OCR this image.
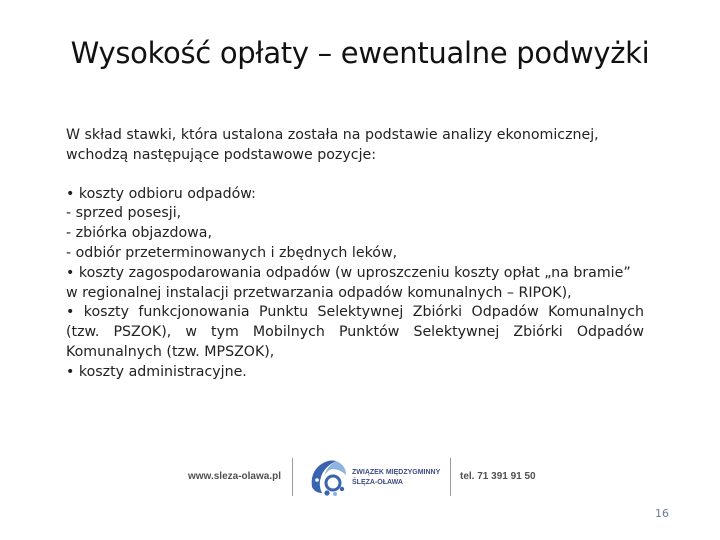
Wysokość opłaty – ewentualne podwyżki
W skład stawki, która ustalona została na podstawie analizy ekonomicznej,
wchodzą następujące podstawowe pozycje:
• koszty odbioru odpadów:
- sprzed posesji,
- zbiórka objazdowa,
- odbiór przeterminowanych i zbędnych leków,
• koszty zagospodarowania odpadów (w uproszczeniu koszty opłat „na bramie”
w regionalnej instalacji przetwarzania odpadów komunalnych – RIPOK),
• koszty funkcjonowania Punktu Selektywnej Zbiórki Odpadów Komunalnych
(tzw. PSZOK), w tym Mobilnych Punktów Selektywnej Zbiórki Odpadów
Komunalnych (tzw. MPSZOK),
• koszty administracyjne.
www.sleza-olawa.pl	ZWIĄZEK MIĘDZYGMINNY
ŚLĘZA-OŁAWA
tel. 71 391 91 50
16
